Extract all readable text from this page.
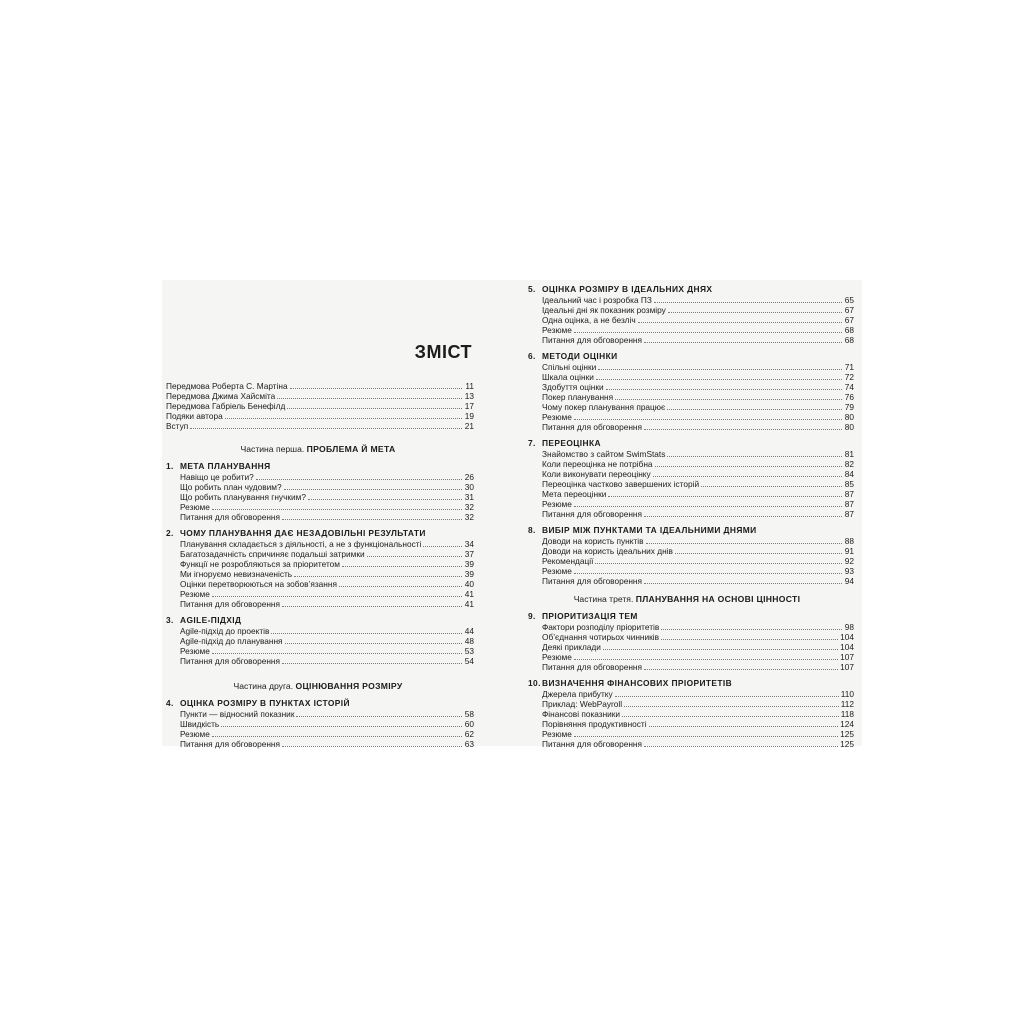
ЗМІСТ
Передмова Роберта С. Мартіна	11
Передмова Джима Хайсміта	13
Передмова Габріель Бенефілд	17
Подяки автора	19
Вступ	21
Частина перша. ПРОБЛЕМА Й МЕТА
1. МЕТА ПЛАНУВАННЯ
Навіщо це робити?	26
Що робить план чудовим?	30
Що робить планування гнучким?	31
Резюме	32
Питання для обговорення	32
2. ЧОМУ ПЛАНУВАННЯ ДАЄ НЕЗАДОВІЛЬНІ РЕЗУЛЬТАТИ
Планування складається з діяльності, а не з функціональності	34
Багатозадачність спричиняє подальші затримки	37
Функції не розробляються за пріоритетом	39
Ми ігноруємо невизначеність	39
Оцінки перетворюються на зобов’язання	40
Резюме	41
Питання для обговорення	41
3. AGILE-ПІДХІД
Agile-підхід до проектів	44
Agile-підхід до планування	48
Резюме	53
Питання для обговорення	54
Частина друга. ОЦІНЮВАННЯ РОЗМІРУ
4. ОЦІНКА РОЗМІРУ В ПУНКТАХ ІСТОРІЙ
Пункти — відносний показник	58
Швидкість	60
Резюме	62
Питання для обговорення	63
5. ОЦІНКА РОЗМІРУ В ІДЕАЛЬНИХ ДНЯХ
Ідеальний час і розробка ПЗ	65
Ідеальні дні як показник розміру	67
Одна оцінка, а не безліч	67
Резюме	68
Питання для обговорення	68
6. МЕТОДИ ОЦІНКИ
Спільні оцінки	71
Шкала оцінки	72
Здобуття оцінки	74
Покер планування	76
Чому покер планування працює	79
Резюме	80
Питання для обговорення	80
7. ПЕРЕОЦІНКА
Знайомство з сайтом SwimStats	81
Коли переоцінка не потрібна	82
Коли виконувати переоцінку	84
Переоцінка частково завершених історій	85
Мета переоцінки	87
Резюме	87
Питання для обговорення	87
8. ВИБІР МІЖ ПУНКТАМИ ТА ІДЕАЛЬНИМИ ДНЯМИ
Доводи на користь пунктів	88
Доводи на користь ідеальних днів	91
Рекомендації	92
Резюме	93
Питання для обговорення	94
Частина третя. ПЛАНУВАННЯ НА ОСНОВІ ЦІННОСТІ
9. ПРІОРИТИЗАЦІЯ ТЕМ
Фактори розподілу пріоритетів	98
Об’єднання чотирьох чинників	104
Деякі приклади	104
Резюме	107
Питання для обговорення	107
10. ВИЗНАЧЕННЯ ФІНАНСОВИХ ПРІОРИТЕТІВ
Джерела прибутку	110
Приклад: WebPayroll	112
Фінансові показники	118
Порівняння продуктивності	124
Резюме	125
Питання для обговорення	125
